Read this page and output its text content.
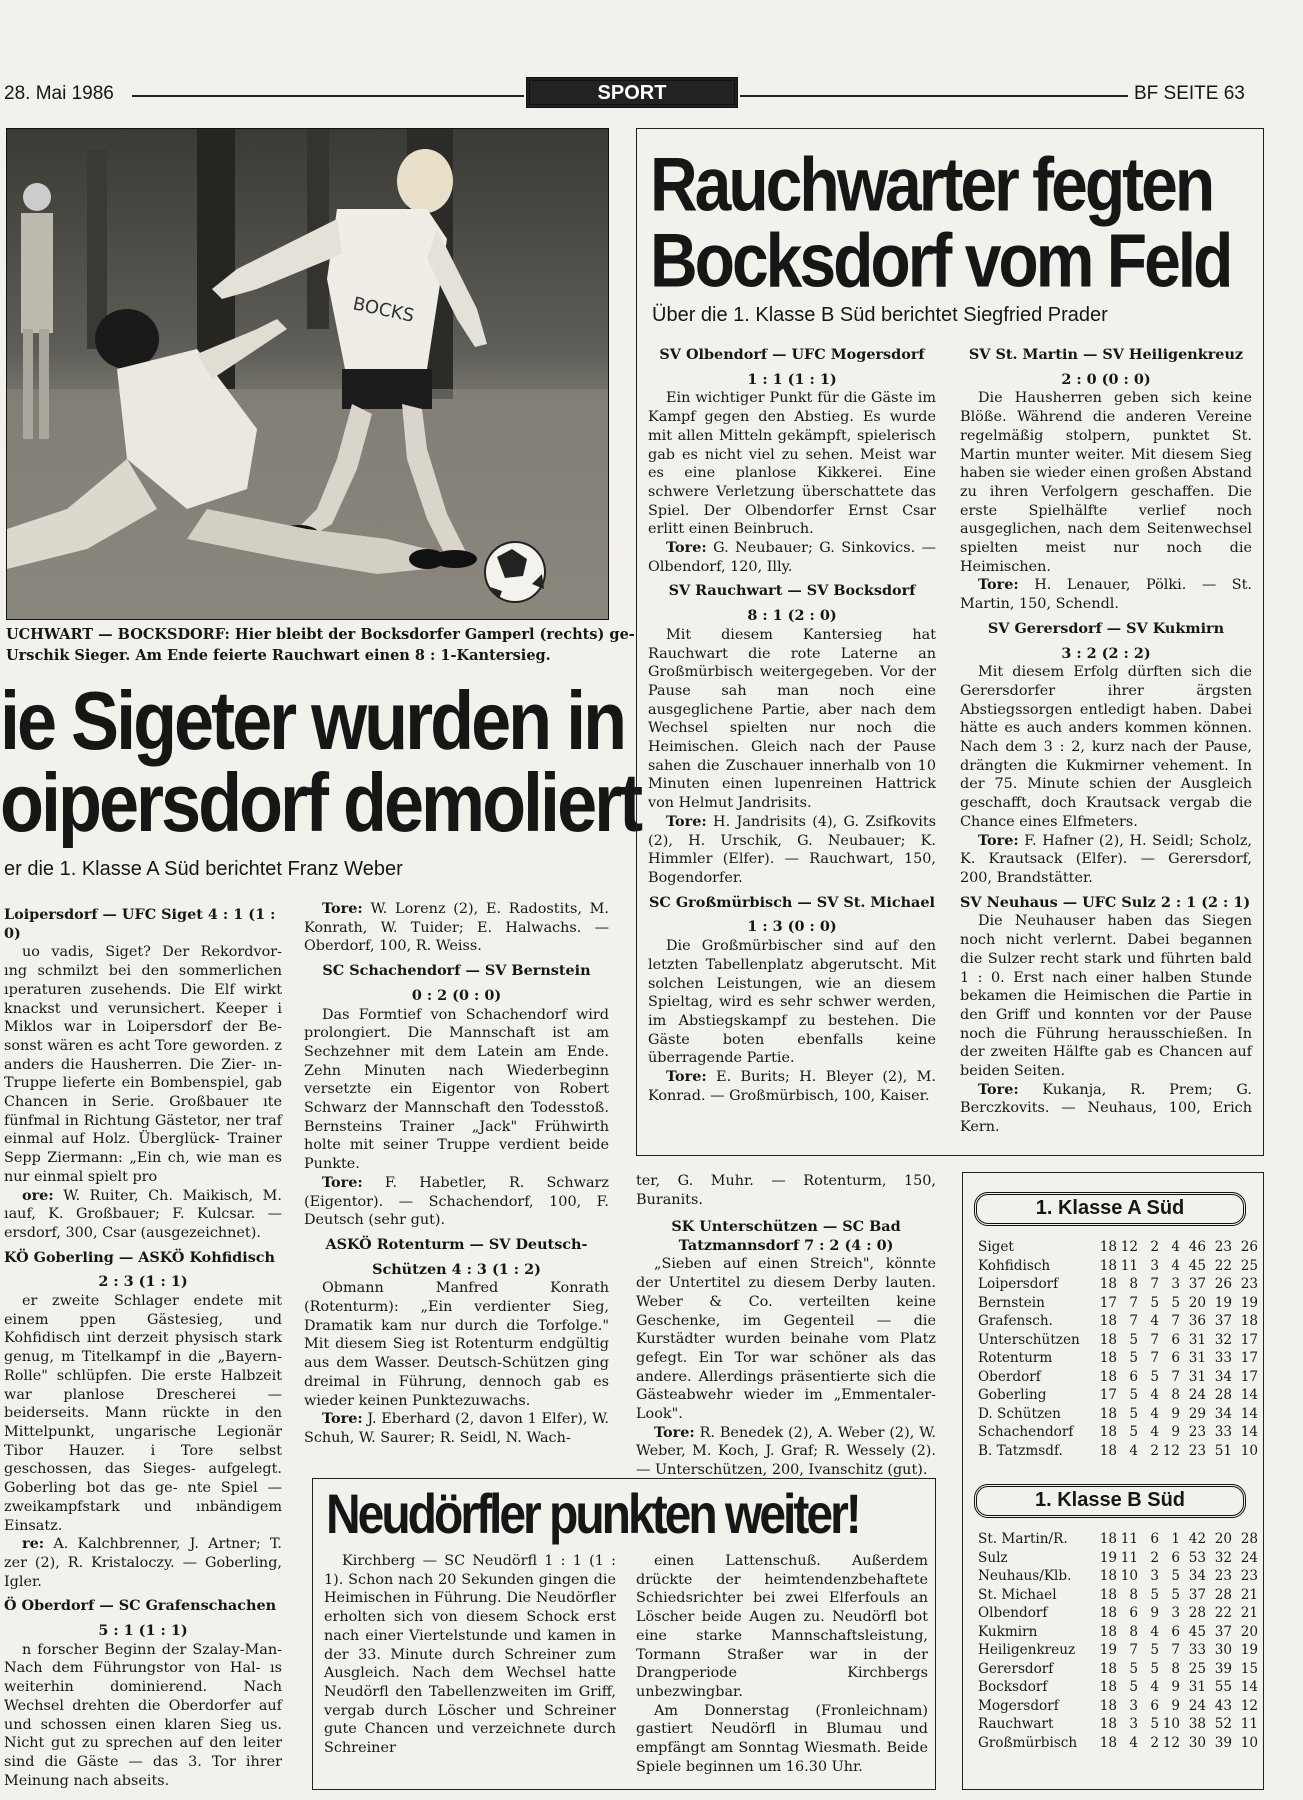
28. Mai 1986	SPORT	BF SEITE 63
BOCKS
UCHWART — BOCKSDORF: Hier bleibt der Bocksdorfer Gamperl (rechts) ge-
Urschik Sieger. Am Ende feierte Rauchwart einen 8 : 1-Kantersieg.
ie Sigeter wurden in
oipersdorf demoliert
er die 1. Klasse A Süd berichtet Franz Weber

Loipersdorf — UFC Siget 4 : 1 (1 : 0)

uo vadis, Siget? Der Rekordvor- ıng schmilzt bei den sommerlichen ıperaturen zusehends. Die Elf wirkt knackst und verunsichert. Keeper i Miklos war in Loipersdorf der Be- sonst wären es acht Tore geworden. z anders die Hausherren. Die Zier- ın-Truppe lieferte ein Bombenspiel, gab Chancen in Serie. Großbauer ıte fünfmal in Richtung Gästetor, ner traf einmal auf Holz. Überglück- Trainer Sepp Ziermann: „Ein ch, wie man es nur einmal spielt pro

ore: W. Ruiter, Ch. Maikisch, M. ıauf, K. Großbauer; F. Kulcsar. — ersdorf, 300, Csar (ausgezeichnet).

KÖ Goberling — ASKÖ Kohfidisch

2 : 3 (1 : 1)

er zweite Schlager endete mit einem ppen Gästesieg, und Kohfidisch ıint derzeit physisch stark genug, m Titelkampf in die „Bayern-Rolle" schlüpfen. Die erste Halbzeit war planlose Drescherei — beiderseits. Mann rückte in den Mittelpunkt, ungarische Legionär Tibor Hauzer. i Tore selbst geschossen, das Sieges- aufgelegt. Goberling bot das ge- nte Spiel — zweikampfstark und ınbändigem Einsatz.

re: A. Kalchbrenner, J. Artner; T. zer (2), R. Kristaloczy. — Goberling, Igler.

Ö Oberdorf — SC Grafenschachen

5 : 1 (1 : 1)

n forscher Beginn der Szalay-Man- Nach dem Führungstor von Hal- ıs weiterhin dominierend. Nach Wechsel drehten die Oberdorfer auf und schossen einen klaren Sieg us. Nicht gut zu sprechen auf den leiter sind die Gäste — das 3. Tor ihrer Meinung nach abseits.

Tore: W. Lorenz (2), E. Radostits, M. Konrath, W. Tuider; E. Halwachs. — Oberdorf, 100, R. Weiss.

SC Schachendorf — SV Bernstein

0 : 2 (0 : 0)

Das Formtief von Schachendorf wird prolongiert. Die Mannschaft ist am Sechzehner mit dem Latein am Ende. Zehn Minuten nach Wiederbeginn versetzte ein Eigentor von Robert Schwarz der Mannschaft den Todesstoß. Bernsteins Trainer „Jack" Frühwirth holte mit seiner Truppe verdient beide Punkte.

Tore: F. Habetler, R. Schwarz (Eigentor). — Schachendorf, 100, F. Deutsch (sehr gut).

ASKÖ Rotenturm — SV Deutsch-

Schützen 4 : 3 (1 : 2)

Obmann Manfred Konrath (Rotenturm): „Ein verdienter Sieg, Dramatik kam nur durch die Torfolge." Mit diesem Sieg ist Rotenturm endgültig aus dem Wasser. Deutsch-Schützen ging dreimal in Führung, dennoch gab es wieder keinen Punktezuwachs.

Tore: J. Eberhard (2, davon 1 Elfer), W. Schuh, W. Saurer; R. Seidl, N. Wach-

Rauchwarter fegten
Bocksdorf vom Feld
Über die 1. Klasse B Süd berichtet Siegfried Prader

SV Olbendorf — UFC Mogersdorf

1 : 1 (1 : 1)

Ein wichtiger Punkt für die Gäste im Kampf gegen den Abstieg. Es wurde mit allen Mitteln gekämpft, spielerisch gab es nicht viel zu sehen. Meist war es eine planlose Kikkerei. Eine schwere Verletzung überschattete das Spiel. Der Olbendorfer Ernst Csar erlitt einen Beinbruch.

Tore: G. Neubauer; G. Sinkovics. — Olbendorf, 120, Illy.

SV Rauchwart — SV Bocksdorf

8 : 1 (2 : 0)

Mit diesem Kantersieg hat Rauchwart die rote Laterne an Großmürbisch weitergegeben. Vor der Pause sah man noch eine ausgeglichene Partie, aber nach dem Wechsel spielten nur noch die Heimischen. Gleich nach der Pause sahen die Zuschauer innerhalb von 10 Minuten einen lupenreinen Hattrick von Helmut Jandrisits.

Tore: H. Jandrisits (4), G. Zsifkovits (2), H. Urschik, G. Neubauer; K. Himmler (Elfer). — Rauchwart, 150, Bogendorfer.

SC Großmürbisch — SV St. Michael

1 : 3 (0 : 0)

Die Großmürbischer sind auf den letzten Tabellenplatz abgerutscht. Mit solchen Leistungen, wie an diesem Spieltag, wird es sehr schwer werden, im Abstiegskampf zu bestehen. Die Gäste boten ebenfalls keine überragende Partie.

Tore: E. Burits; H. Bleyer (2), M. Konrad. — Großmürbisch, 100, Kaiser.

SV St. Martin — SV Heiligenkreuz

2 : 0 (0 : 0)

Die Hausherren geben sich keine Blöße. Während die anderen Vereine regelmäßig stolpern, punktet St. Martin munter weiter. Mit diesem Sieg haben sie wieder einen großen Abstand zu ihren Verfolgern geschaffen. Die erste Spielhälfte verlief noch ausgeglichen, nach dem Seitenwechsel spielten meist nur noch die Heimischen.

Tore: H. Lenauer, Pölki. — St. Martin, 150, Schendl.

SV Gerersdorf — SV Kukmirn

3 : 2 (2 : 2)

Mit diesem Erfolg dürften sich die Gerersdorfer ihrer ärgsten Abstiegssorgen entledigt haben. Dabei hätte es auch anders kommen können. Nach dem 3 : 2, kurz nach der Pause, drängten die Kukmirner vehement. In der 75. Minute schien der Ausgleich geschafft, doch Krautsack vergab die Chance eines Elfmeters.

Tore: F. Hafner (2), H. Seidl; Scholz, K. Krautsack (Elfer). — Gerersdorf, 200, Brandstätter.

SV Neuhaus — UFC Sulz 2 : 1 (2 : 1)

Die Neuhauser haben das Siegen noch nicht verlernt. Dabei begannen die Sulzer recht stark und führten bald 1 : 0. Erst nach einer halben Stunde bekamen die Heimischen die Partie in den Griff und konnten vor der Pause noch die Führung herausschießen. In der zweiten Hälfte gab es Chancen auf beiden Seiten.

Tore: Kukanja, R. Prem; G. Berczkovits. — Neuhaus, 100, Erich Kern.

ter, G. Muhr. — Rotenturm, 150, Buranits.

SK Unterschützen — SC Bad Tatzmannsdorf 7 : 2 (4 : 0)

„Sieben auf einen Streich", könnte der Untertitel zu diesem Derby lauten. Weber & Co. verteilten keine Geschenke, im Gegenteil — die Kurstädter wurden beinahe vom Platz gefegt. Ein Tor war schöner als das andere. Allerdings präsentierte sich die Gästeabwehr wieder im „Emmentaler-Look".

Tore: R. Benedek (2), A. Weber (2), W. Weber, M. Koch, J. Graf; R. Wessely (2). — Unterschützen, 200, Ivanschitz (gut).

Neudörfler punkten weiter!

Kirchberg — SC Neudörfl 1 : 1 (1 : 1). Schon nach 20 Sekunden gingen die Heimischen in Führung. Die Neudörfler erholten sich von diesem Schock erst nach einer Viertelstunde und kamen in der 33. Minute durch Schreiner zum Ausgleich. Nach dem Wechsel hatte Neudörfl den Tabellenzweiten im Griff, vergab durch Löscher und Schreiner gute Chancen und verzeichnete durch Schreiner

einen Lattenschuß. Außerdem drückte der heimtendenzbehaftete Schiedsrichter bei zwei Elferfouls an Löscher beide Augen zu. Neudörfl bot eine starke Mannschaftsleistung, Tormann Straßer war in der Drangperiode Kirchbergs unbezwingbar.

Am Donnerstag (Fronleichnam) gastiert Neudörfl in Blumau und empfängt am Sonntag Wiesmath. Beide Spiele beginnen um 16.30 Uhr.

1. Klasse A Süd
Siget	18	12	2	4	46	23	26
Kohfidisch	18	11	3	4	45	22	25
Loipersdorf	18	8	7	3	37	26	23
Bernstein	17	7	5	5	20	19	19
Grafensch.	18	7	4	7	36	37	18
Unterschützen	18	5	7	6	31	32	17
Rotenturm	18	5	7	6	31	33	17
Oberdorf	18	6	5	7	31	34	17
Goberling	17	5	4	8	24	28	14
D. Schützen	18	5	4	9	29	34	14
Schachendorf	18	5	4	9	23	33	14
B. Tatzmsdf.	18	4	2	12	23	51	10
1. Klasse B Süd
St. Martin/R.	18	11	6	1	42	20	28
Sulz	19	11	2	6	53	32	24
Neuhaus/Klb.	18	10	3	5	34	23	23
St. Michael	18	8	5	5	37	28	21
Olbendorf	18	6	9	3	28	22	21
Kukmirn	18	8	4	6	45	37	20
Heiligenkreuz	19	7	5	7	33	30	19
Gerersdorf	18	5	5	8	25	39	15
Bocksdorf	18	5	4	9	31	55	14
Mogersdorf	18	3	6	9	24	43	12
Rauchwart	18	3	5	10	38	52	11
Großmürbisch	18	4	2	12	30	39	10
